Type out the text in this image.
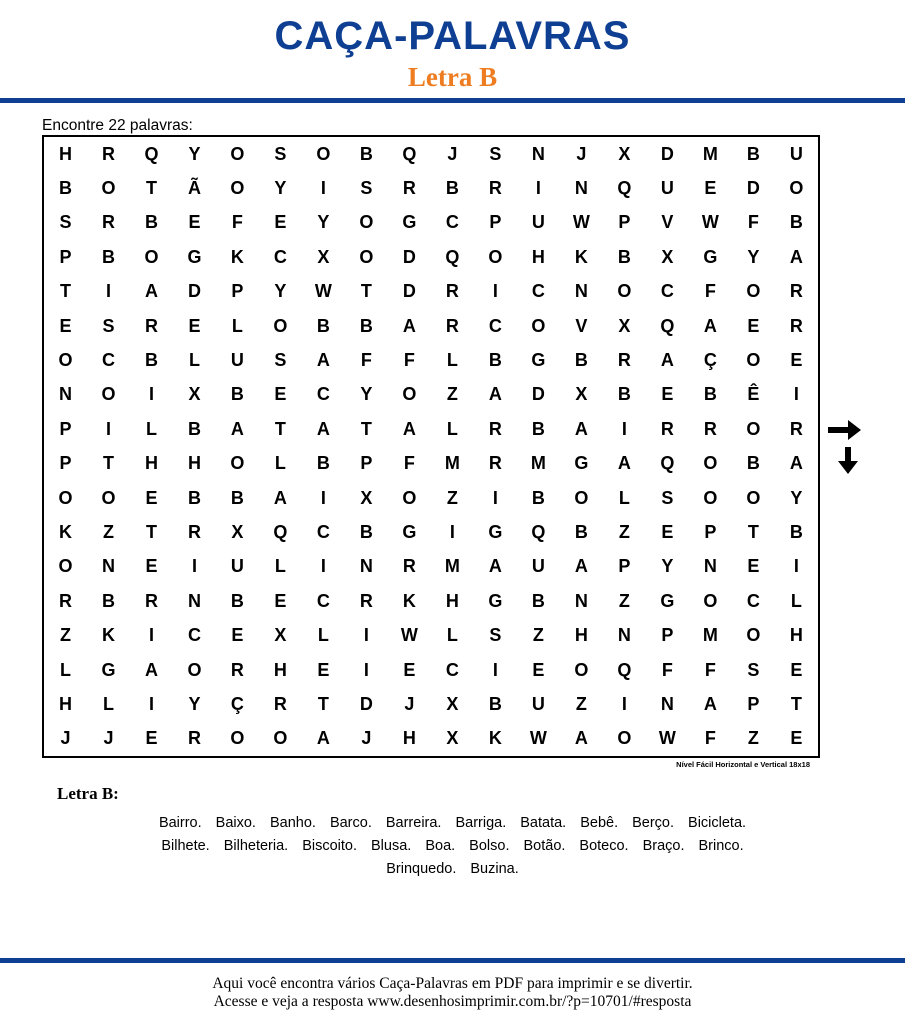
CAÇA-PALAVRAS
Letra B
Encontre 22 palavras:
H	R	Q	Y	O	S	O	B	Q	J	S	N	J	X	D	M	B	U
B	O	T	Ã	O	Y	I	S	R	B	R	I	N	Q	U	E	D	O
S	R	B	E	F	E	Y	O	G	C	P	U	W	P	V	W	F	B
P	B	O	G	K	C	X	O	D	Q	O	H	K	B	X	G	Y	A
T	I	A	D	P	Y	W	T	D	R	I	C	N	O	C	F	O	R
E	S	R	E	L	O	B	B	A	R	C	O	V	X	Q	A	E	R
O	C	B	L	U	S	A	F	F	L	B	G	B	R	A	Ç	O	E
N	O	I	X	B	E	C	Y	O	Z	A	D	X	B	E	B	Ê	I
P	I	L	B	A	T	A	T	A	L	R	B	A	I	R	R	O	R
P	T	H	H	O	L	B	P	F	M	R	M	G	A	Q	O	B	A
O	O	E	B	B	A	I	X	O	Z	I	B	O	L	S	O	O	Y
K	Z	T	R	X	Q	C	B	G	I	G	Q	B	Z	E	P	T	B
O	N	E	I	U	L	I	N	R	M	A	U	A	P	Y	N	E	I
R	B	R	N	B	E	C	R	K	H	G	B	N	Z	G	O	C	L
Z	K	I	C	E	X	L	I	W	L	S	Z	H	N	P	M	O	H
L	G	A	O	R	H	E	I	E	C	I	E	O	Q	F	F	S	E
H	L	I	Y	Ç	R	T	D	J	X	B	U	Z	I	N	A	P	T
J	J	E	R	O	O	A	J	H	X	K	W	A	O	W	F	Z	E
Nível Fácil Horizontal e Vertical 18x18
Letra B:
Bairro. Baixo. Banho. Barco. Barreira. Barriga. Batata. Bebê. Berço. Bicicleta.
Bilhete. Bilheteria. Biscoito. Blusa. Boa. Bolso. Botão. Boteco. Braço. Brinco.
Brinquedo. Buzina.
Aqui você encontra vários Caça-Palavras em PDF para imprimir e se divertir.
Acesse e veja a resposta www.desenhosimprimir.com.br/?p=10701/#resposta
